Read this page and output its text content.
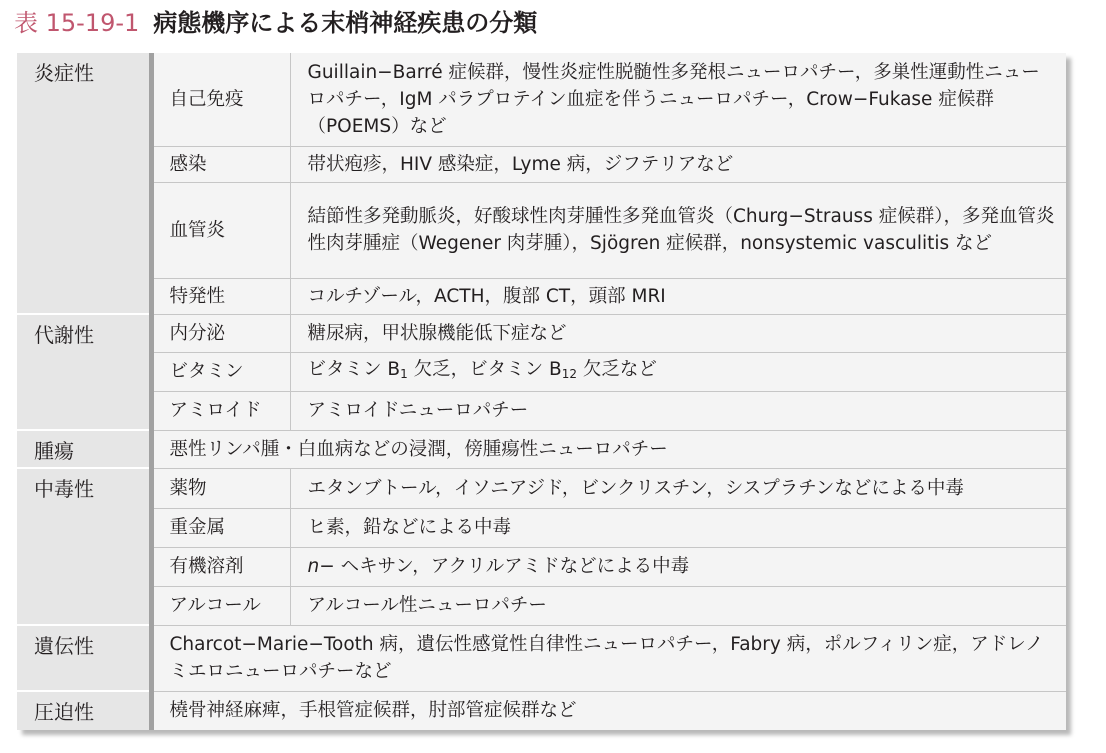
表 15-19-1 病態機序による末梢神経疾患の分類
炎症性	自己免疫	Guillain−Barré 症候群，慢性炎症性脱髄性多発根ニューロパチー，多巣性運動性ニューロパチー，IgM パラプロテイン血症を伴うニューロパチー，Crow−Fukase 症候群（POEMS）など
	感染	帯状疱疹，HIV 感染症，Lyme 病，ジフテリアなど
	血管炎	結節性多発動脈炎，好酸球性肉芽腫性多発血管炎（Churg−Strauss 症候群），多発血管炎性肉芽腫症（Wegener 肉芽腫），Sjögren 症候群，nonsystemic vasculitis など
	特発性	コルチゾール，ACTH，腹部 CT，頭部 MRI

代謝性	内分泌	糖尿病，甲状腺機能低下症など
	ビタミン	ビタミン $B_1$ 欠乏，ビタミン $B_{12}$ 欠乏など
	アミロイド	アミロイドニューロパチー

腫瘍	悪性リンパ腫・白血病などの浸潤，傍腫瘍性ニューロパチー	

中毒性	薬物	エタンブトール，イソニアジド，ビンクリスチン，シスプラチンなどによる中毒
	重金属	ヒ素，鉛などによる中毒
	有機溶剤	n− ヘキサン，アクリルアミドなどによる中毒
	アルコール	アルコール性ニューロパチー

遺伝性	Charcot−Marie−Tooth 病，遺伝性感覚性自律性ニューロパチー，Fabry 病，ポルフィリン症，アドレノミエロニューロパチーなど	

圧迫性	橈骨神経麻痺，手根管症候群，肘部管症候群など	
